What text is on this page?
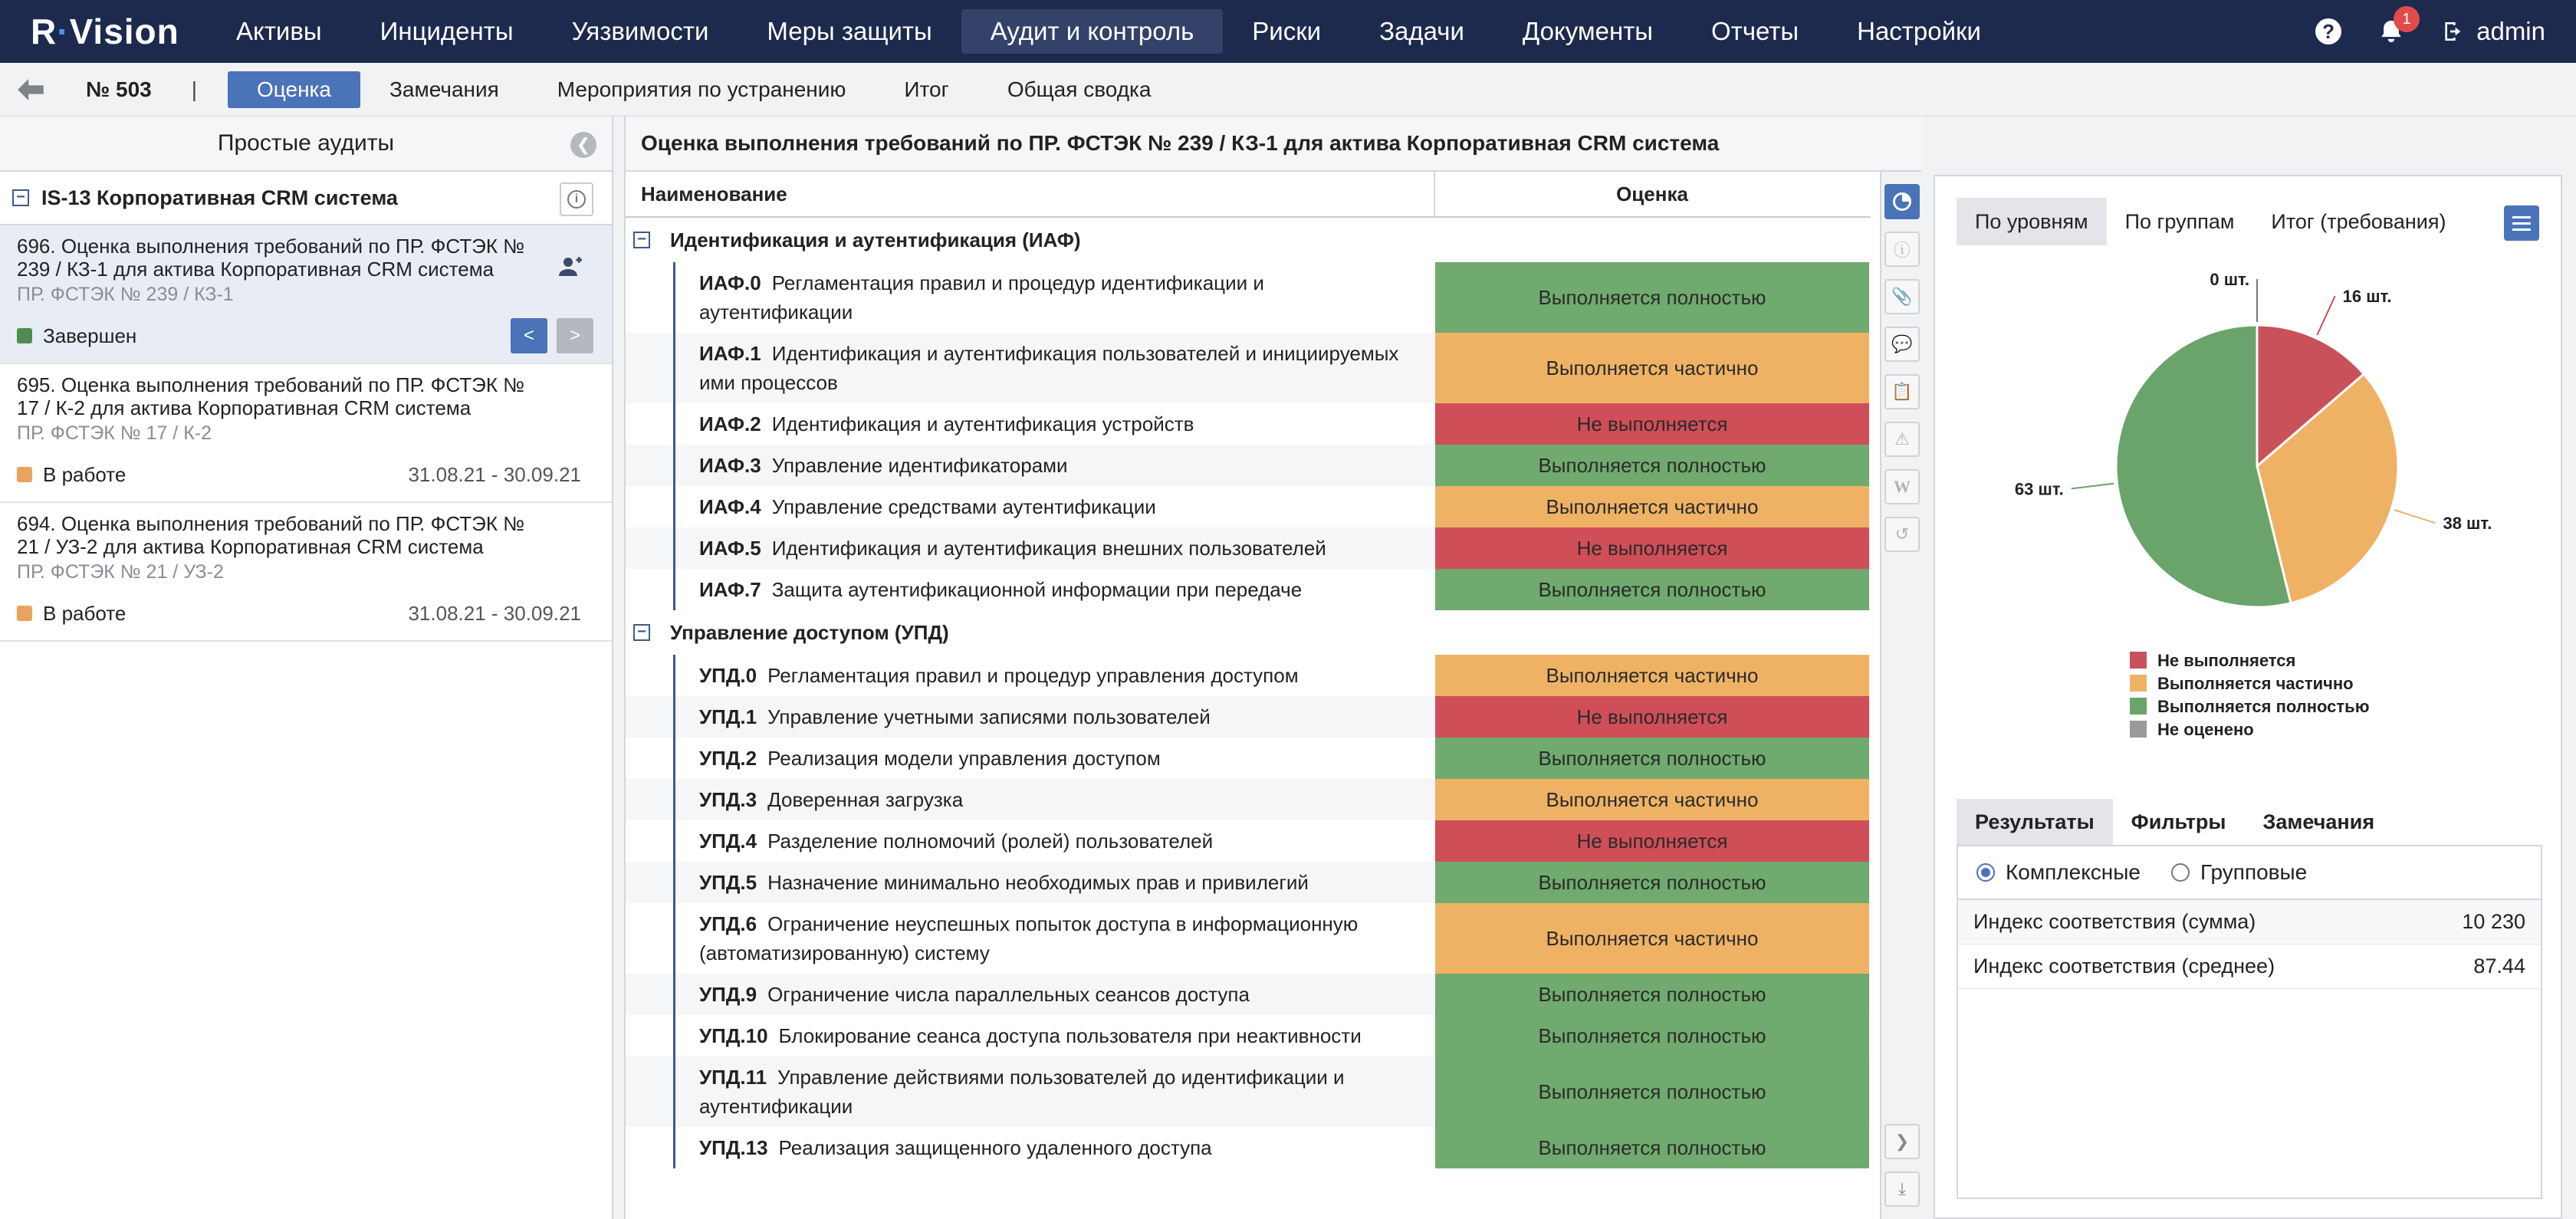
R · Vision	Активы	Инциденты	Уязвимости	Меры защиты	Аудит и контроль	Риски	Задачи	Документы	Отчеты	Настройки	?
1	admin
№ 503	|	Оценка	Замечания	Мероприятия по устранению	Итог	Общая сводка
Простые аудиты	❮
− IS-13 Корпоративная CRM система	i
696. Оценка выполнения требований по ПР. ФСТЭК № 239 / КЗ-1 для актива Корпоративная CRM система
ПР. ФСТЭК № 239 / КЗ-1
Завершен	<	>
695. Оценка выполнения требований по ПР. ФСТЭК № 17 / К-2 для актива Корпоративная CRM система
ПР. ФСТЭК № 17 / К-2
В работе	31.08.21 - 30.09.21
694. Оценка выполнения требований по ПР. ФСТЭК № 21 / УЗ-2 для актива Корпоративная CRM система
ПР. ФСТЭК № 21 / УЗ-2
В работе	31.08.21 - 30.09.21
Оценка выполнения требований по ПР. ФСТЭК № 239 / КЗ-1 для актива Корпоративная CRM система
Наименование	Оценка
− Идентификация и аутентификация (ИАФ)
ИАФ.0 Регламентация правил и процедур идентификации и аутентификации
Выполняется полностью
ИАФ.1 Идентификация и аутентификация пользователей и инициируемых ими процессов
Выполняется частично
ИАФ.2 Идентификация и аутентификация устройств	Не выполняется
ИАФ.3 Управление идентификаторами	Выполняется полностью
ИАФ.4 Управление средствами аутентификации	Выполняется частично
ИАФ.5 Идентификация и аутентификация внешних пользователей	Не выполняется
ИАФ.7 Защита аутентификационной информации при передаче	Выполняется полностью
− Управление доступом (УПД)
УПД.0 Регламентация правил и процедур управления доступом	Выполняется частично
УПД.1 Управление учетными записями пользователей	Не выполняется
УПД.2 Реализация модели управления доступом	Выполняется полностью
УПД.3 Доверенная загрузка	Выполняется частично
УПД.4 Разделение полномочий (ролей) пользователей	Не выполняется
УПД.5 Назначение минимально необходимых прав и привилегий	Выполняется полностью
УПД.6 Ограничение неуспешных попыток доступа в информационную (автоматизированную) систему
Выполняется частично
УПД.9 Ограничение числа параллельных сеансов доступа	Выполняется полностью
УПД.10 Блокирование сеанса доступа пользователя при неактивности	Выполняется полностью
УПД.11 Управление действиями пользователей до идентификации и аутентификации
Выполняется полностью
УПД.13 Реализация защищенного удаленного доступа	Выполняется полностью
ⓘ
📎
💬
📋
⚠
W
↺
❯
⤓
По уровням	По группам	Итог (требования)
16 шт.
38 шт.
63 шт.
0 шт.
Не выполняется
Выполняется частично
Выполняется полностью
Не оценено
Результаты	Фильтры	Замечания
Комплексные	Групповые
Индекс соответствия (сумма)	10 230
Индекс соответствия (среднее)	87.44
